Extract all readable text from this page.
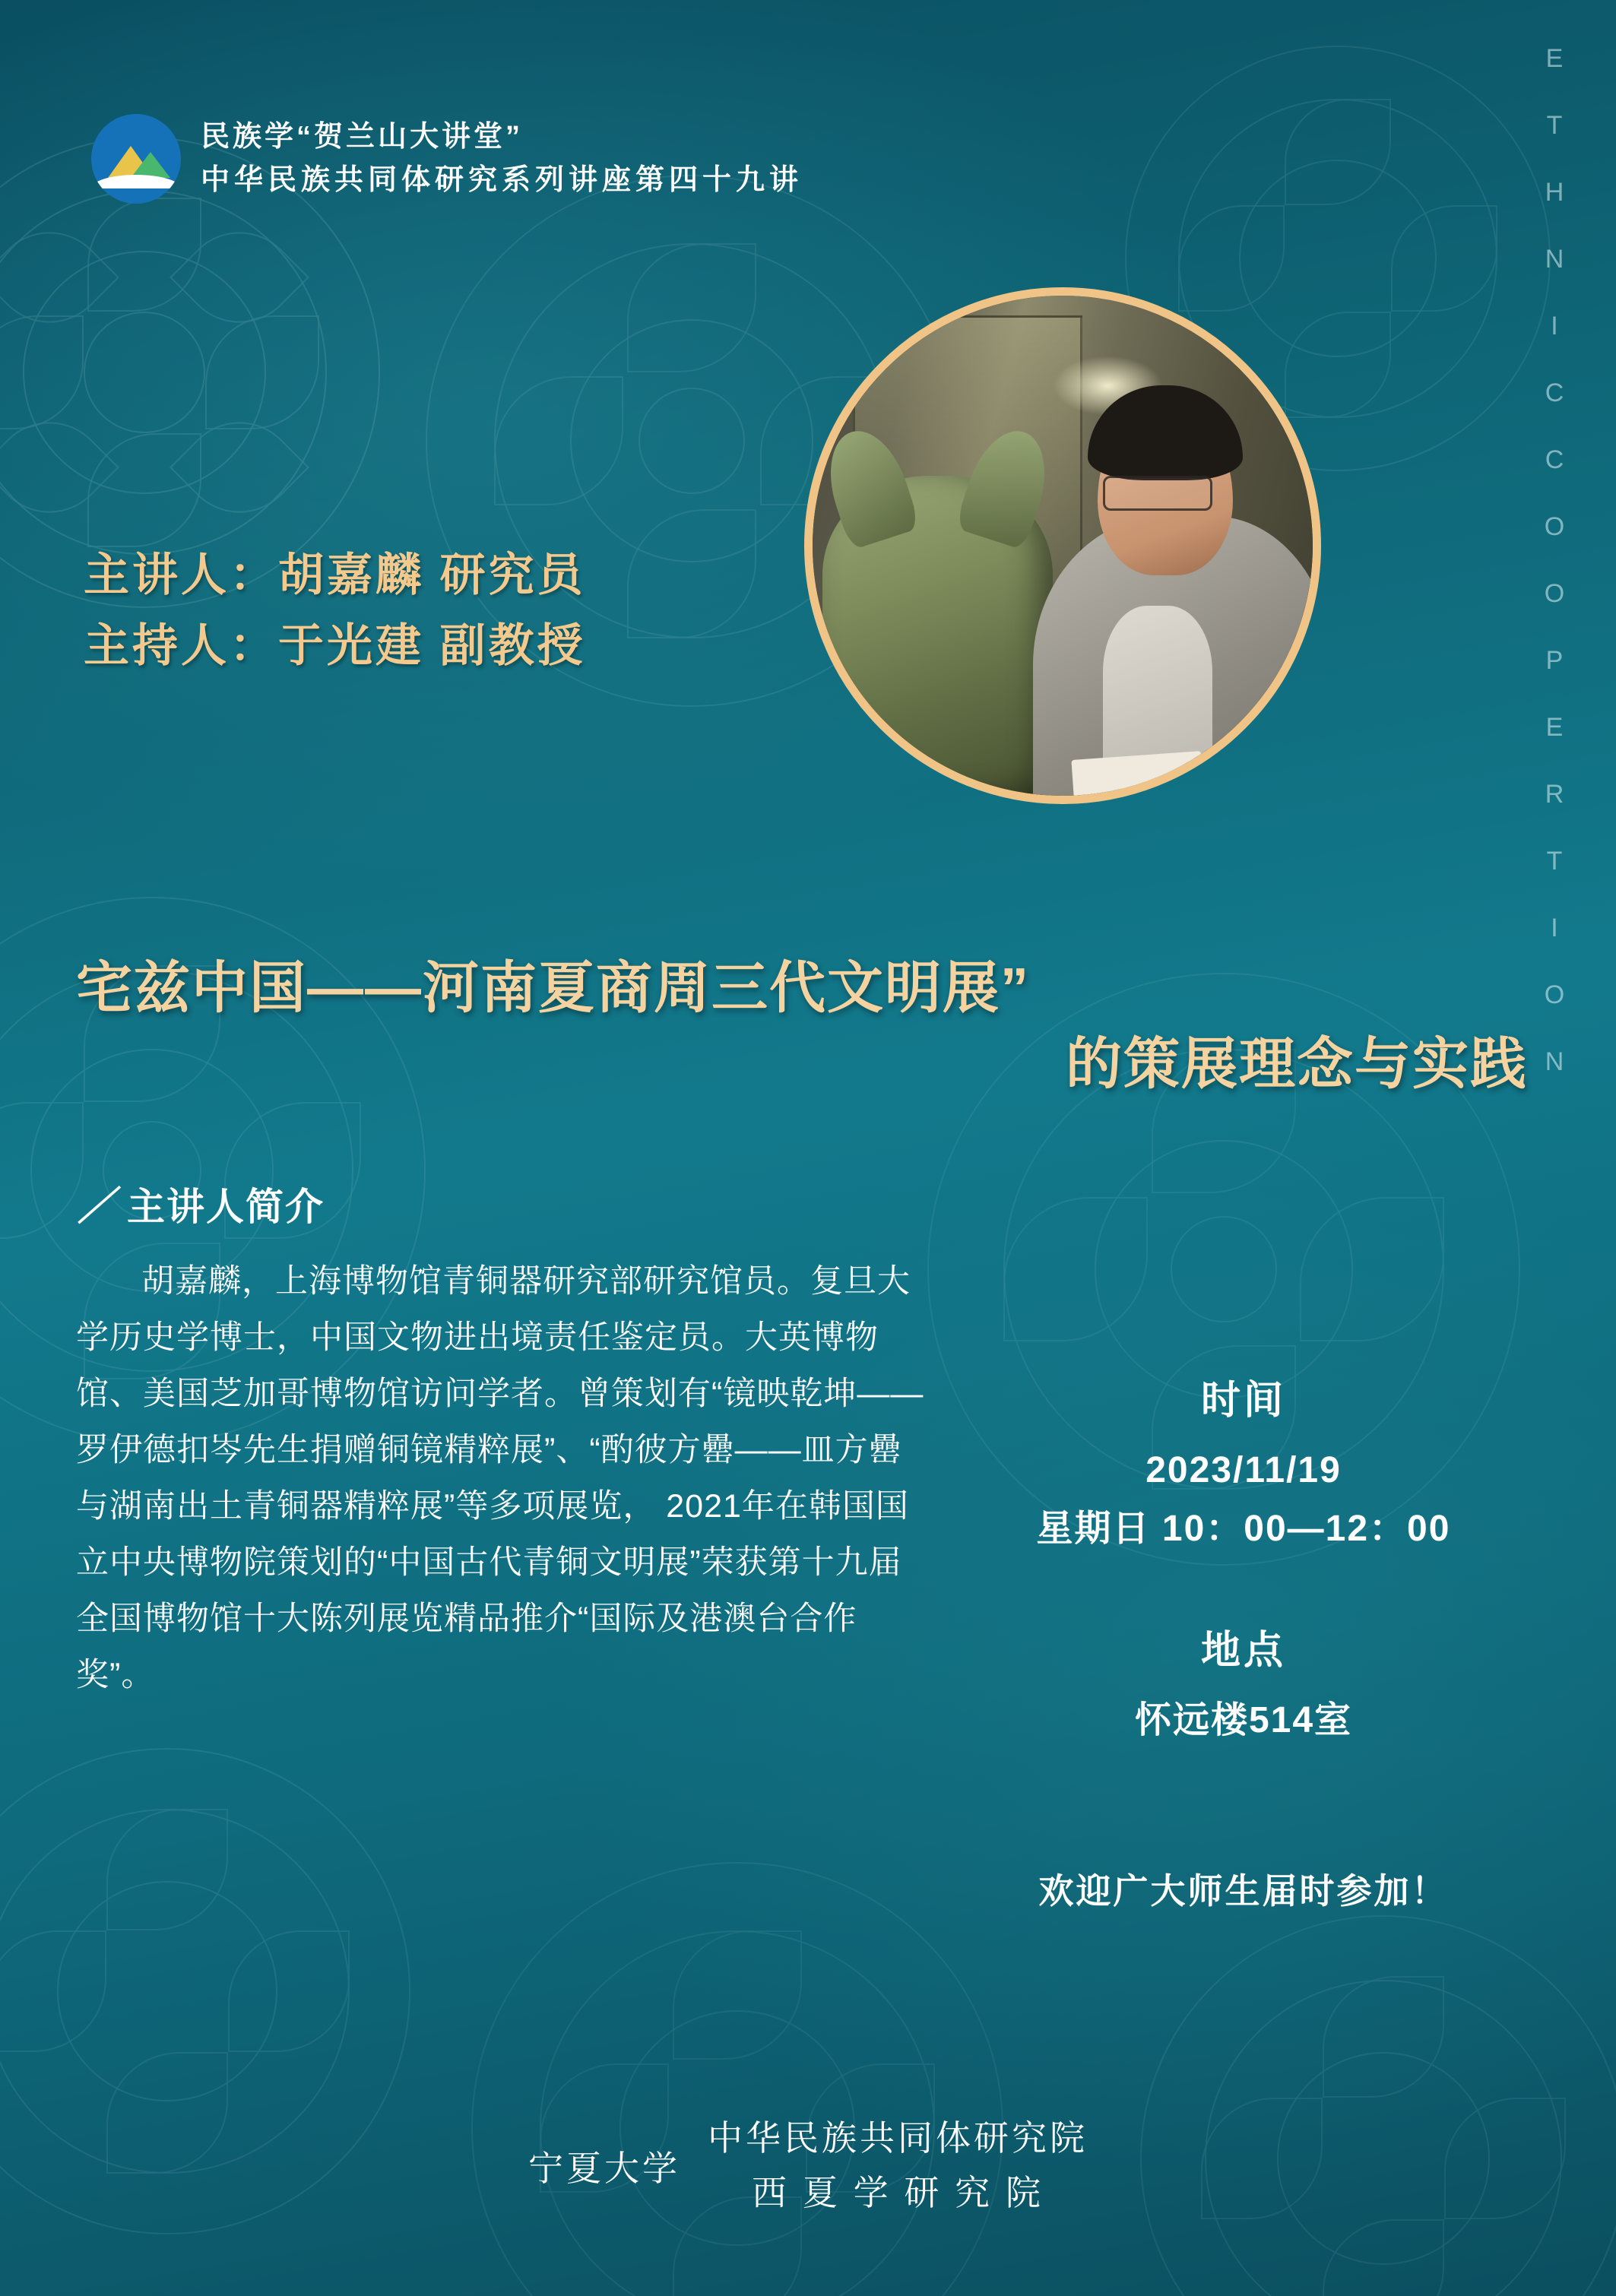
民族学“贺兰山大讲堂”
中华民族共同体研究系列讲座第四十九讲
E
T
H
N
I
C
C
O
O
P
E
R
T
I
O
N
主讲人：胡嘉麟 研究员
主持人：于光建 副教授
宅兹中国——河南夏商周三代文明展”
的策展理念与实践
／ 主讲人简介
胡嘉麟，上海博物馆青铜器研究部研究馆员。复旦大学历史学博士，中国文物进出境责任鉴定员。大英博物馆、美国芝加哥博物馆访问学者。曾策划有“镜映乾坤——罗伊德扣岑先生捐赠铜镜精粹展”、“酌彼方罍——皿方罍与湖南出土青铜器精粹展”等多项展览， 2021年在韩国国立中央博物院策划的“中国古代青铜文明展”荣获第十九届全国博物馆十大陈列展览精品推介“国际及港澳台合作奖”。
时间
2023/11/19
星期日 10：00—12：00
地点
怀远楼514室
欢迎广大师生届时参加！
宁夏大学
中华民族共同体研究院
西 夏 学 研 究 院
